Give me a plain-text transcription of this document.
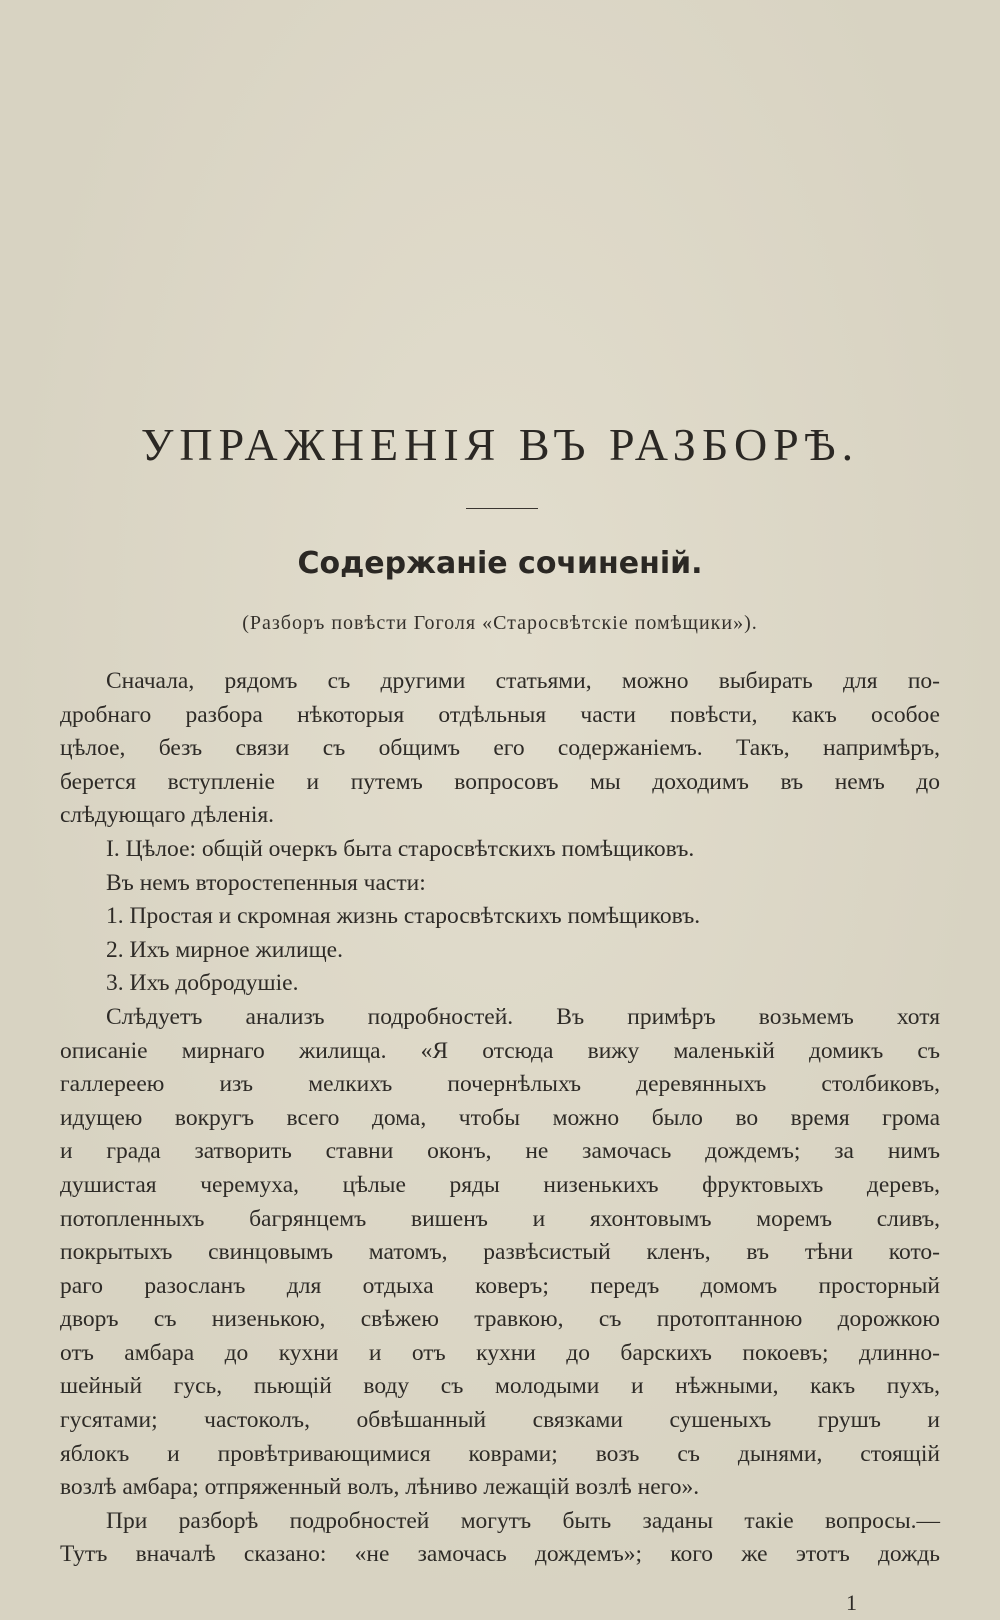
УПРАЖНЕНІЯ ВЪ РАЗБОРѢ.
Содержаніе сочиненій.
(Разборъ повѣсти Гоголя «Старосвѣтскіе помѣщики»).
Сначала, рядомъ съ другими статьями, можно выбирать для по-
дробнаго разбора нѣкоторыя отдѣльныя части повѣсти, какъ особое
цѣлое, безъ связи съ общимъ его содержаніемъ. Такъ, напримѣръ,
берется вступленіе и путемъ вопросовъ мы доходимъ въ немъ до
слѣдующаго дѣленія.
I. Цѣлое: общій очеркъ быта старосвѣтскихъ помѣщиковъ.
Въ немъ второстепенныя части:
1. Простая и скромная жизнь старосвѣтскихъ помѣщиковъ.
2. Ихъ мирное жилище.
3. Ихъ добродушіе.
Слѣдуетъ анализъ подробностей. Въ примѣръ возьмемъ хотя
описаніе мирнаго жилища. «Я отсюда вижу маленькій домикъ съ
галлереею изъ мелкихъ почернѣлыхъ деревянныхъ столбиковъ,
идущею вокругъ всего дома, чтобы можно было во время грома
и града затворить ставни оконъ, не замочась дождемъ; за нимъ
душистая черемуха, цѣлые ряды низенькихъ фруктовыхъ деревъ,
потопленныхъ багрянцемъ вишенъ и яхонтовымъ моремъ сливъ,
покрытыхъ свинцовымъ матомъ, развѣсистый кленъ, въ тѣни кото-
раго разосланъ для отдыха коверъ; передъ домомъ просторный
дворъ съ низенькою, свѣжею травкою, съ протоптанною дорожкою
отъ амбара до кухни и отъ кухни до барскихъ покоевъ; длинно-
шейный гусь, пьющій воду съ молодыми и нѣжными, какъ пухъ,
гусятами; частоколъ, обвѣшанный связками сушеныхъ грушъ и
яблокъ и провѣтривающимися коврами; возъ съ дынями, стоящій
возлѣ амбара; отпряженный волъ, лѣниво лежащій возлѣ него».
При разборѣ подробностей могутъ быть заданы такіе вопросы.—
Тутъ вначалѣ сказано: «не замочась дождемъ»; кого же этотъ дождь
1
